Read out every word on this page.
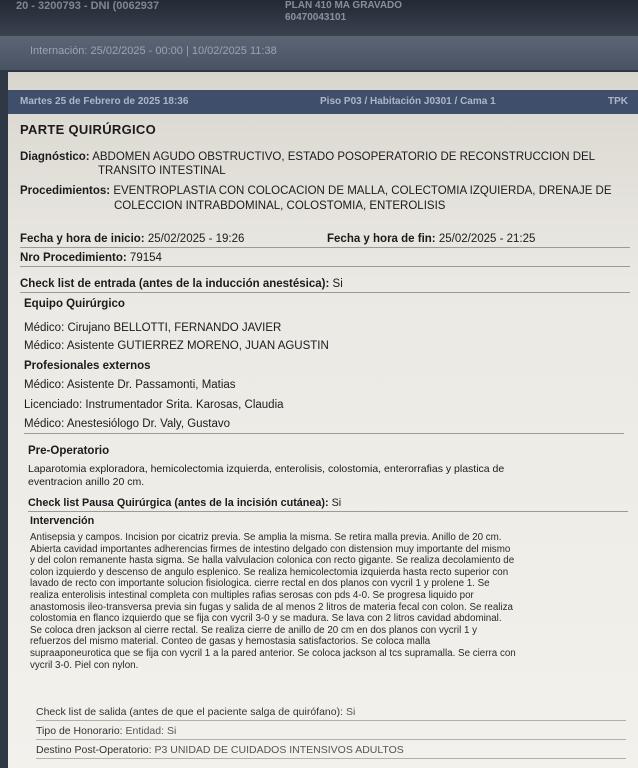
20 - 3200793 - DNI (0062937	PLAN 410 MA GRAVADO
60470043101
Internación: 25/02/2025 - 00:00 | 10/02/2025 11:38
Martes 25 de Febrero de 2025 18:36	Piso P03 / Habitación J0301 / Cama 1	TPK
PARTE QUIRÚRGICO
Diagnóstico: ABDOMEN AGUDO OBSTRUCTIVO, ESTADO POSOPERATORIO DE RECONSTRUCCION DEL
TRANSITO INTESTINAL
Procedimientos: EVENTROPLASTIA CON COLOCACION DE MALLA, COLECTOMIA IZQUIERDA, DRENAJE DE
COLECCION INTRABDOMINAL, COLOSTOMIA, ENTEROLISIS
Fecha y hora de inicio: 25/02/2025 - 19:26	Fecha y hora de fin: 25/02/2025 - 21:25
Nro Procedimiento: 79154
Check list de entrada (antes de la inducción anestésica): Si
Equipo Quirúrgico
Médico: Cirujano BELLOTTI, FERNANDO JAVIER
Médico: Asistente GUTIERREZ MORENO, JUAN AGUSTIN
Profesionales externos
Médico: Asistente Dr. Passamonti, Matias
Licenciado: Instrumentador Srita. Karosas, Claudia
Médico: Anestesiólogo Dr. Valy, Gustavo
Pre-Operatorio
Laparotomia exploradora, hemicolectomia izquierda, enterolisis, colostomia, enterorrafias y plastica de
eventracion anillo 20 cm.
Check list Pausa Quirúrgica (antes de la incisión cutánea): Si
Intervención
Antisepsia y campos. Incision por cicatriz previa. Se amplia la misma. Se retira malla previa. Anillo de 20 cm.
Abierta cavidad importantes adherencias firmes de intestino delgado con distension muy importante del mismo
y del colon remanente hasta sigma. Se halla valvulacion colonica con recto gigante. Se realiza decolamiento de
colon izquierdo y descenso de angulo esplenico. Se realiza hemicolectomia izquierda hasta recto superior con
lavado de recto con importante solucion fisiologica. cierre rectal en dos planos con vycril 1 y prolene 1. Se
realiza enterolisis intestinal completa con multiples rafias serosas con pds 4-0. Se progresa liquido por
anastomosis ileo-transversa previa sin fugas y salida de al menos 2 litros de materia fecal con colon. Se realiza
colostomia en flanco izquierdo que se fija con vycril 3-0 y se madura. Se lava con 2 litros cavidad abdominal.
Se coloca dren jackson al cierre rectal. Se realiza cierre de anillo de 20 cm en dos planos con vycril 1 y
refuerzos del mismo material. Conteo de gasas y hemostasia satisfactorios. Se coloca malla
supraaponeurotica que se fija con vycril 1 a la pared anterior. Se coloca jackson al tcs supramalla. Se cierra con
vycril 3-0. Piel con nylon.
Check list de salida (antes de que el paciente salga de quirófano): Si
Tipo de Honorario: Entidad: Si
Destino Post-Operatorio: P3 UNIDAD DE CUIDADOS INTENSIVOS ADULTOS
